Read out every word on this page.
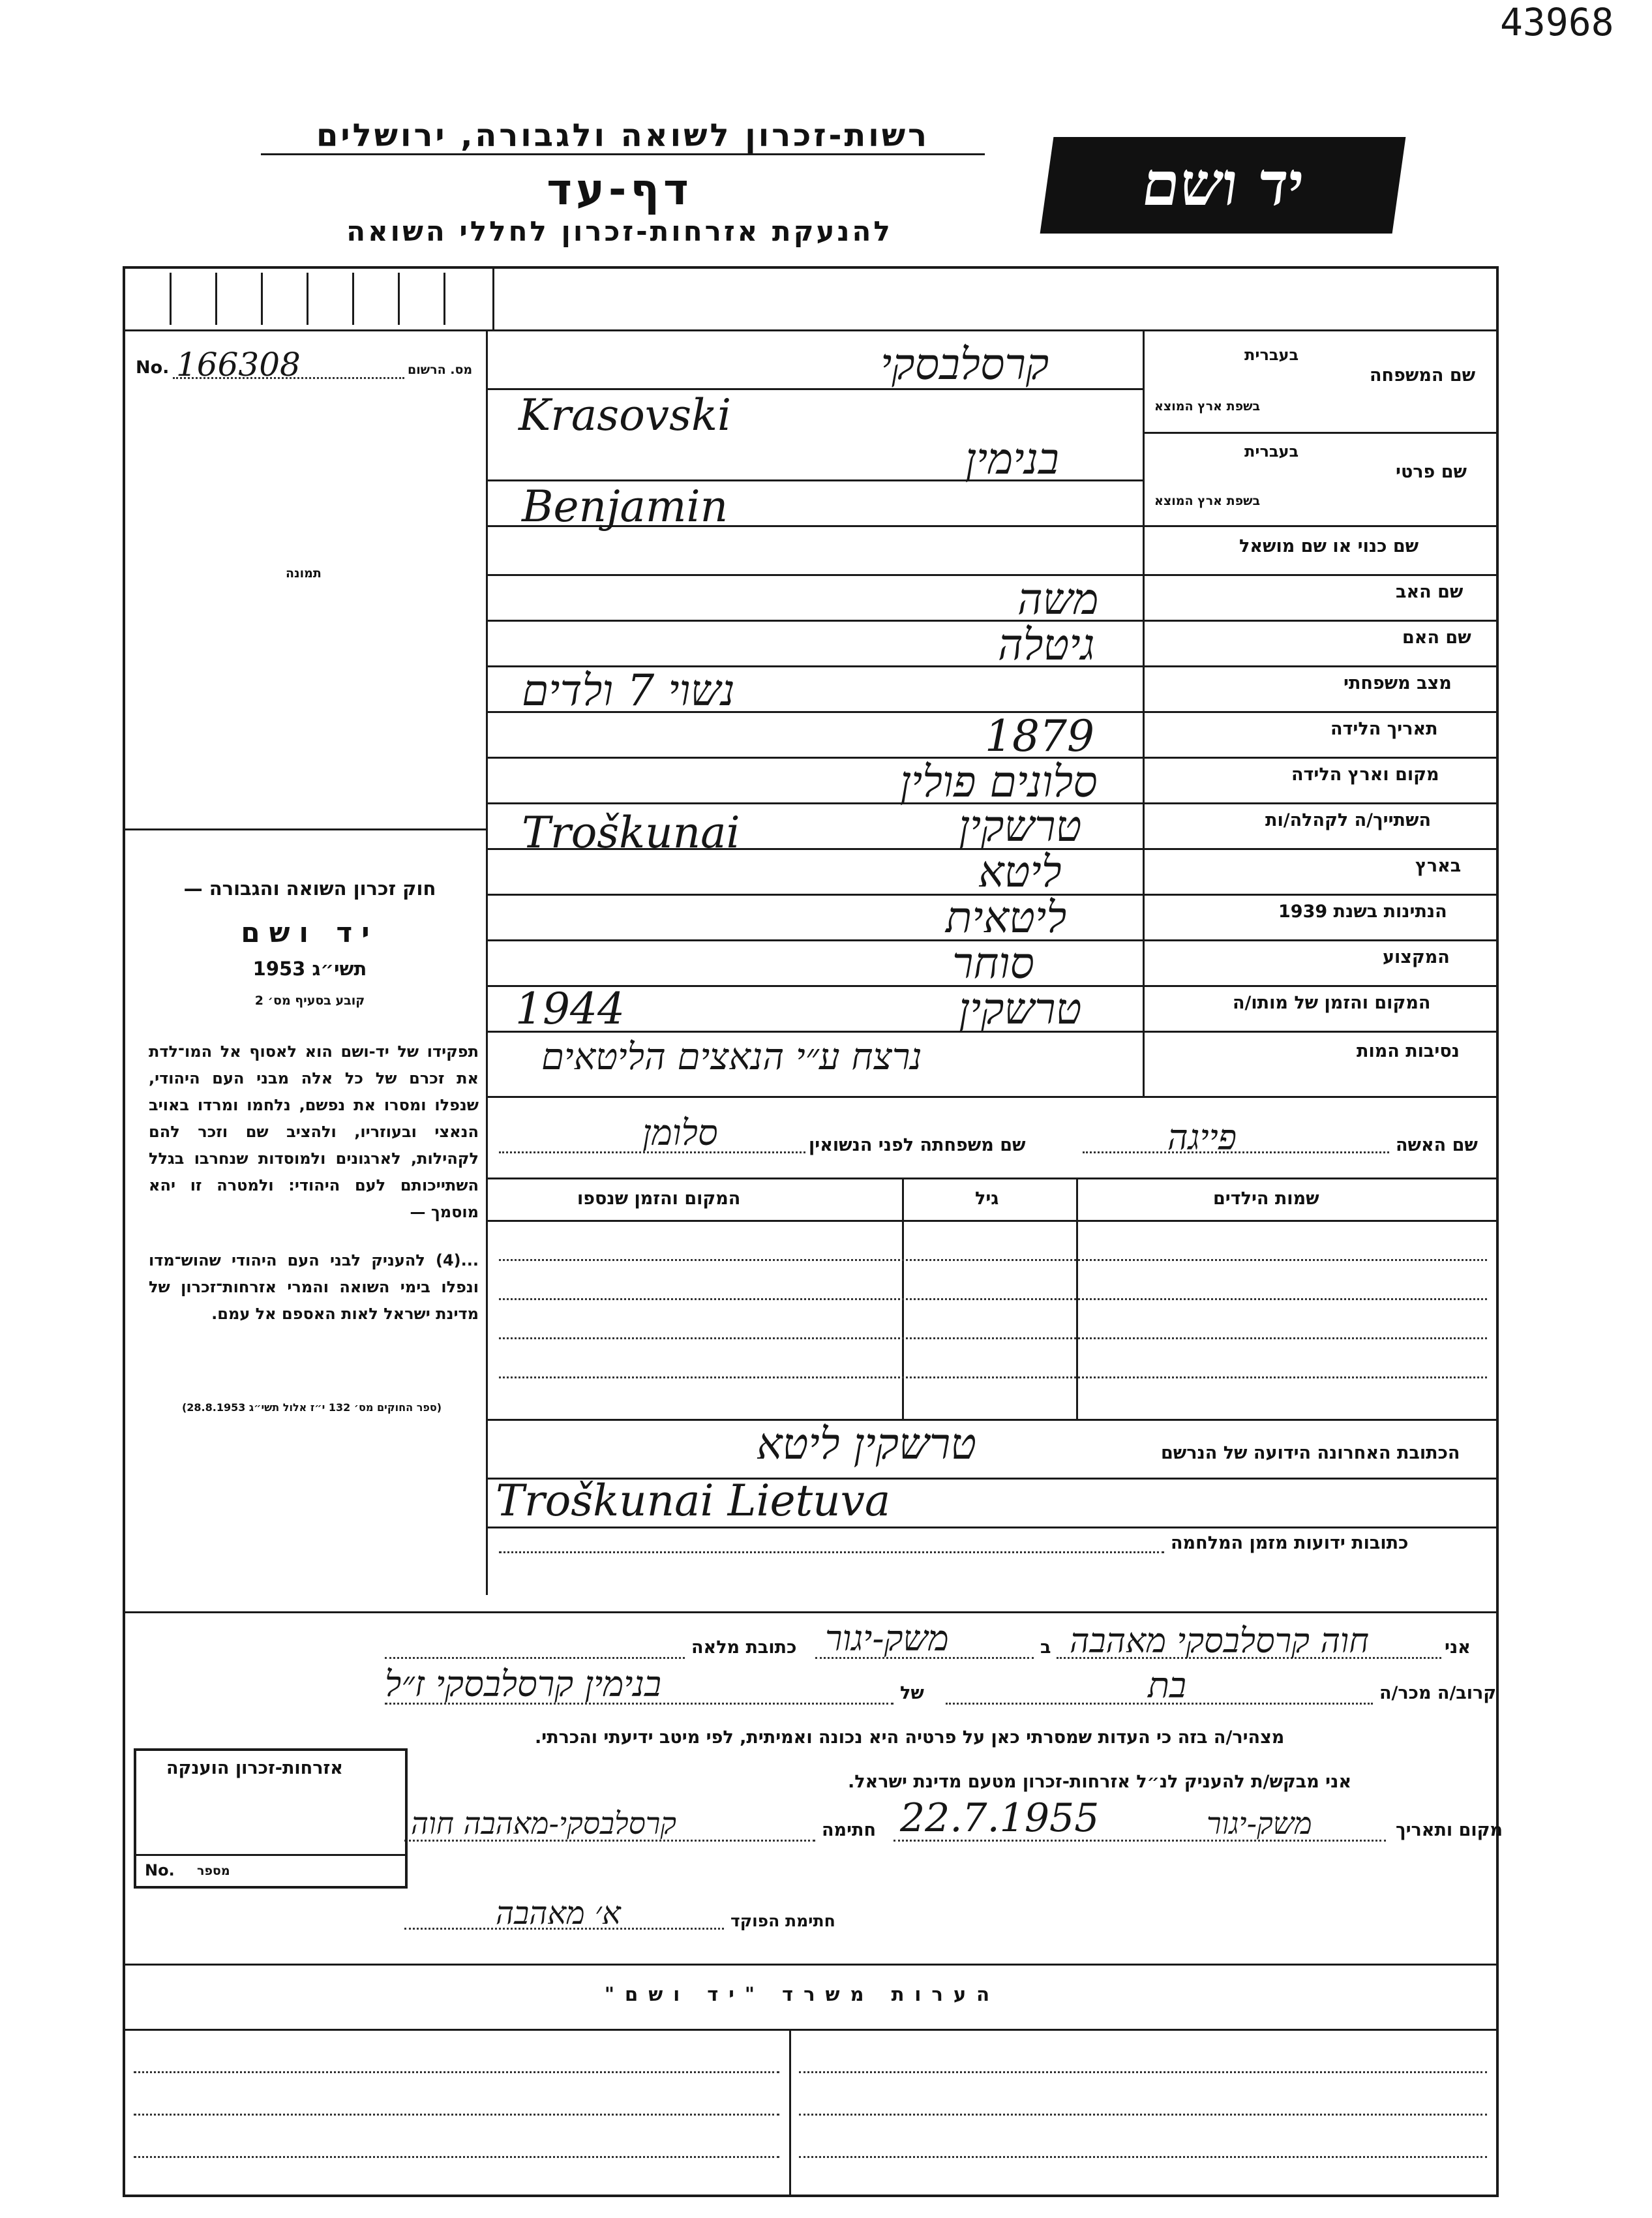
43968
רשות-זכרון לשואה ולגבורה, ירושלים
דף-עד
להנעקת אזרחות-זכרון לחללי השואה
יד ושם
מס. הרשום
No. 166308
תמונה
חוק זכרון השואה והגבורה —
יד ושם
תשי״ג 1953
קובע בסעיף מס׳ 2
תפקידו של יד-ושם הוא לאסוף אל המו־לדת את זכרם של כל אלה מבני העם היהודי, שנפלו ומסרו את נפשם, נלחמו ומרדו באויב הנאצי ובעוזריו, ולהציב שם וזכר להם לקהילות, לארגונים ולמוסדות שנחרבו בגלל השתייכותם לעם היהודי: ולמטרה זו יהא מוסמך —
...(4) להעניק לבני העם היהודי שהוש־מדו ונפלו בימי השואה והמרי אזרחות־זכרון של מדינת ישראל לאות האספם אל עמם.
(ספר החוקים מס׳ 132 י״ז אלול תשי״ג 28.8.1953)
בעברית
שם המשפחה
בשפת ארץ המוצא
קרסלבסקי
Krasovski
בעברית
שם פרטי
בשפת ארץ המוצא
בנימין
Benjamin
שם כנוי או שם מושאל
שם האב
משה
שם האם
גיטלה
מצב משפחתי
נשוי 7 ולדים
תאריך הלידה
1879
מקום וארץ הלידה
סלונים פולין
השתייך/ה לקהלה/ות
טרשקין
Troškunai
בארץ
ליטא
הנתינות בשנת 1939
ליטאית
המקצוע
סוחר
המקום והזמן של מותו/ה
טרשקין
1944
נסיבות המות
נרצח ע״י הנאצים הליטאים
שם האשה
פייגה
שם משפחתה לפני הנשואין
סלומן
שמות הילדים
גיל
המקום והזמן שנספו
הכתובת האחרונה הידועה של הנרשם
טרשקין ליטא
Troškunai Lietuva
כתובות ידועות מזמן המלחמה
אני
חוה קרסלבסקי מאהבה
ב
משק-יגור
כתובת מלאה
קרוב/ה מכר/ה
בת
של
בנימין קרסלבסקי ז״ל
מצהיר/ה בזה כי העדות שמסרתי כאן על פרטיה היא נכונה ואמיתית, לפי מיטב ידיעתי והכרתי.
אני מבקש/ת להעניק לנ״ל אזרחות-זכרון מטעם מדינת ישראל.
מקום ותאריך
משק-יגור
22.7.1955
חתימה
קרסלבסקי-מאהבה חוה
חתימת הפוקד
א׳ מאהבה
אזרחות-זכרון הוענקה
No. מספר
הערות משרד "יד ושם"
